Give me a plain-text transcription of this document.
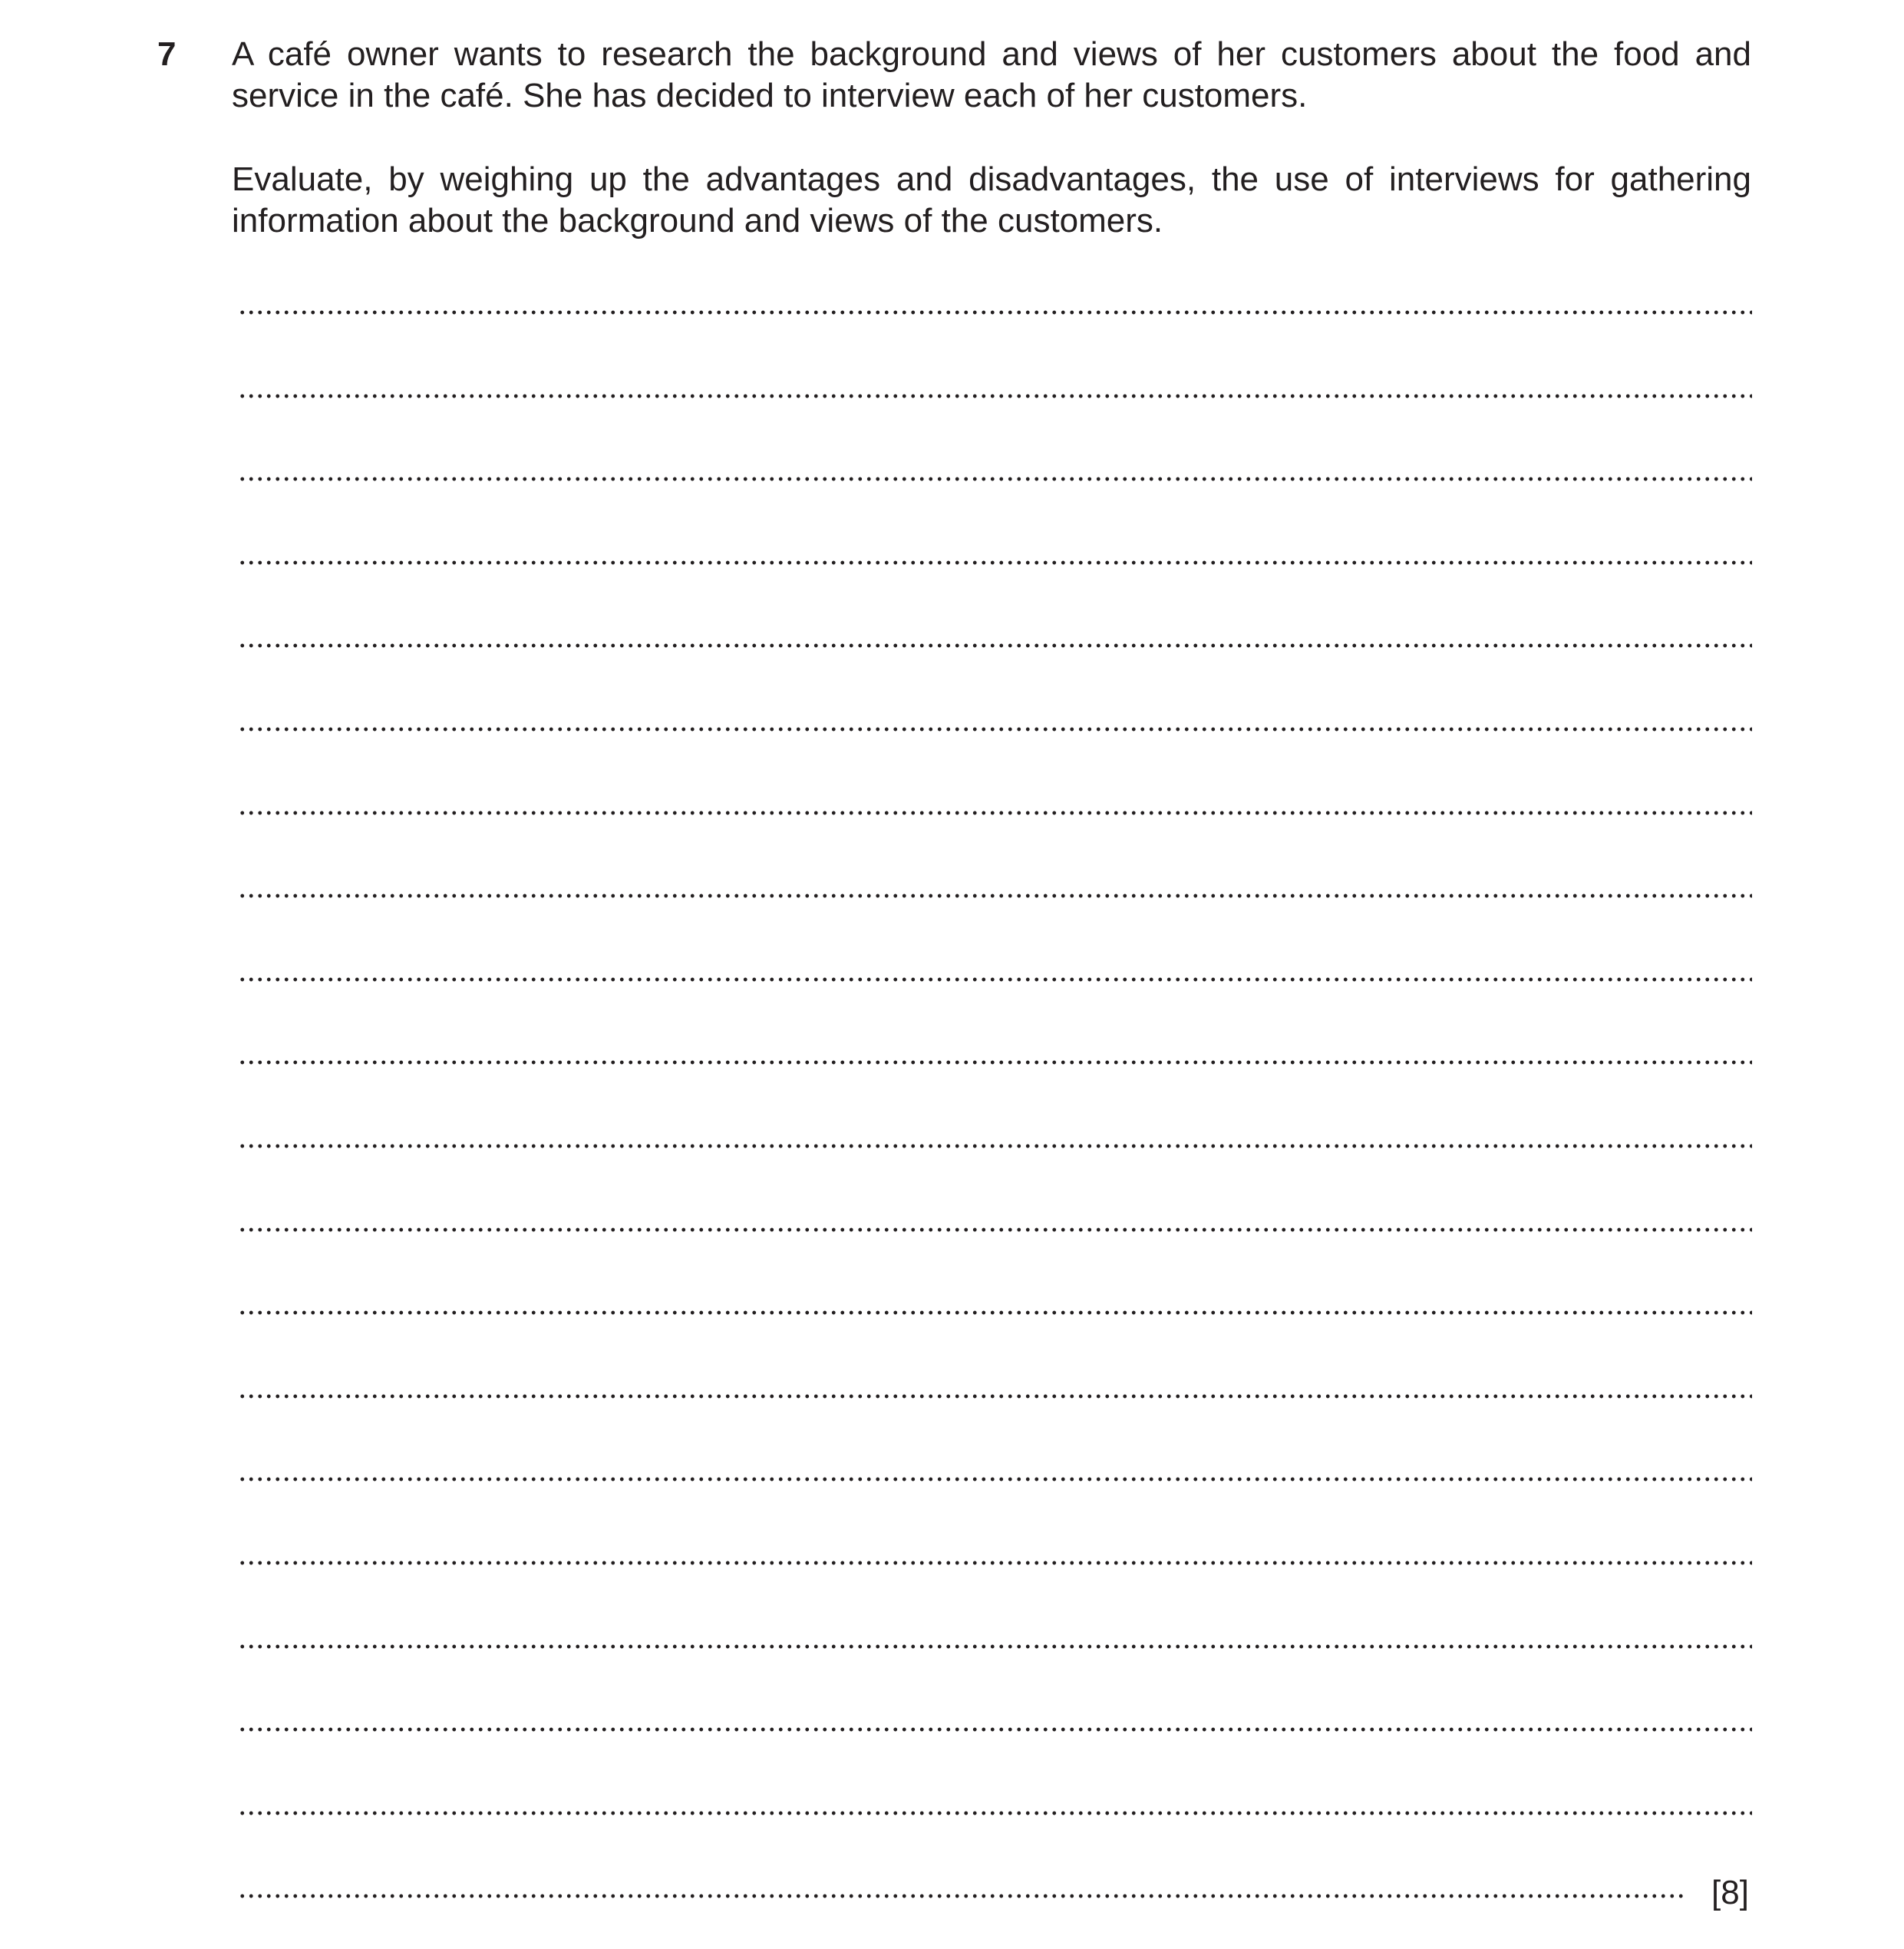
7 A café owner wants to research the background and views of her customers about the food and service in the café. She has decided to interview each of her customers.

Evaluate, by weighing up the advantages and disadvantages, the use of interviews for gathering information about the background and views of the customers.

[8]
